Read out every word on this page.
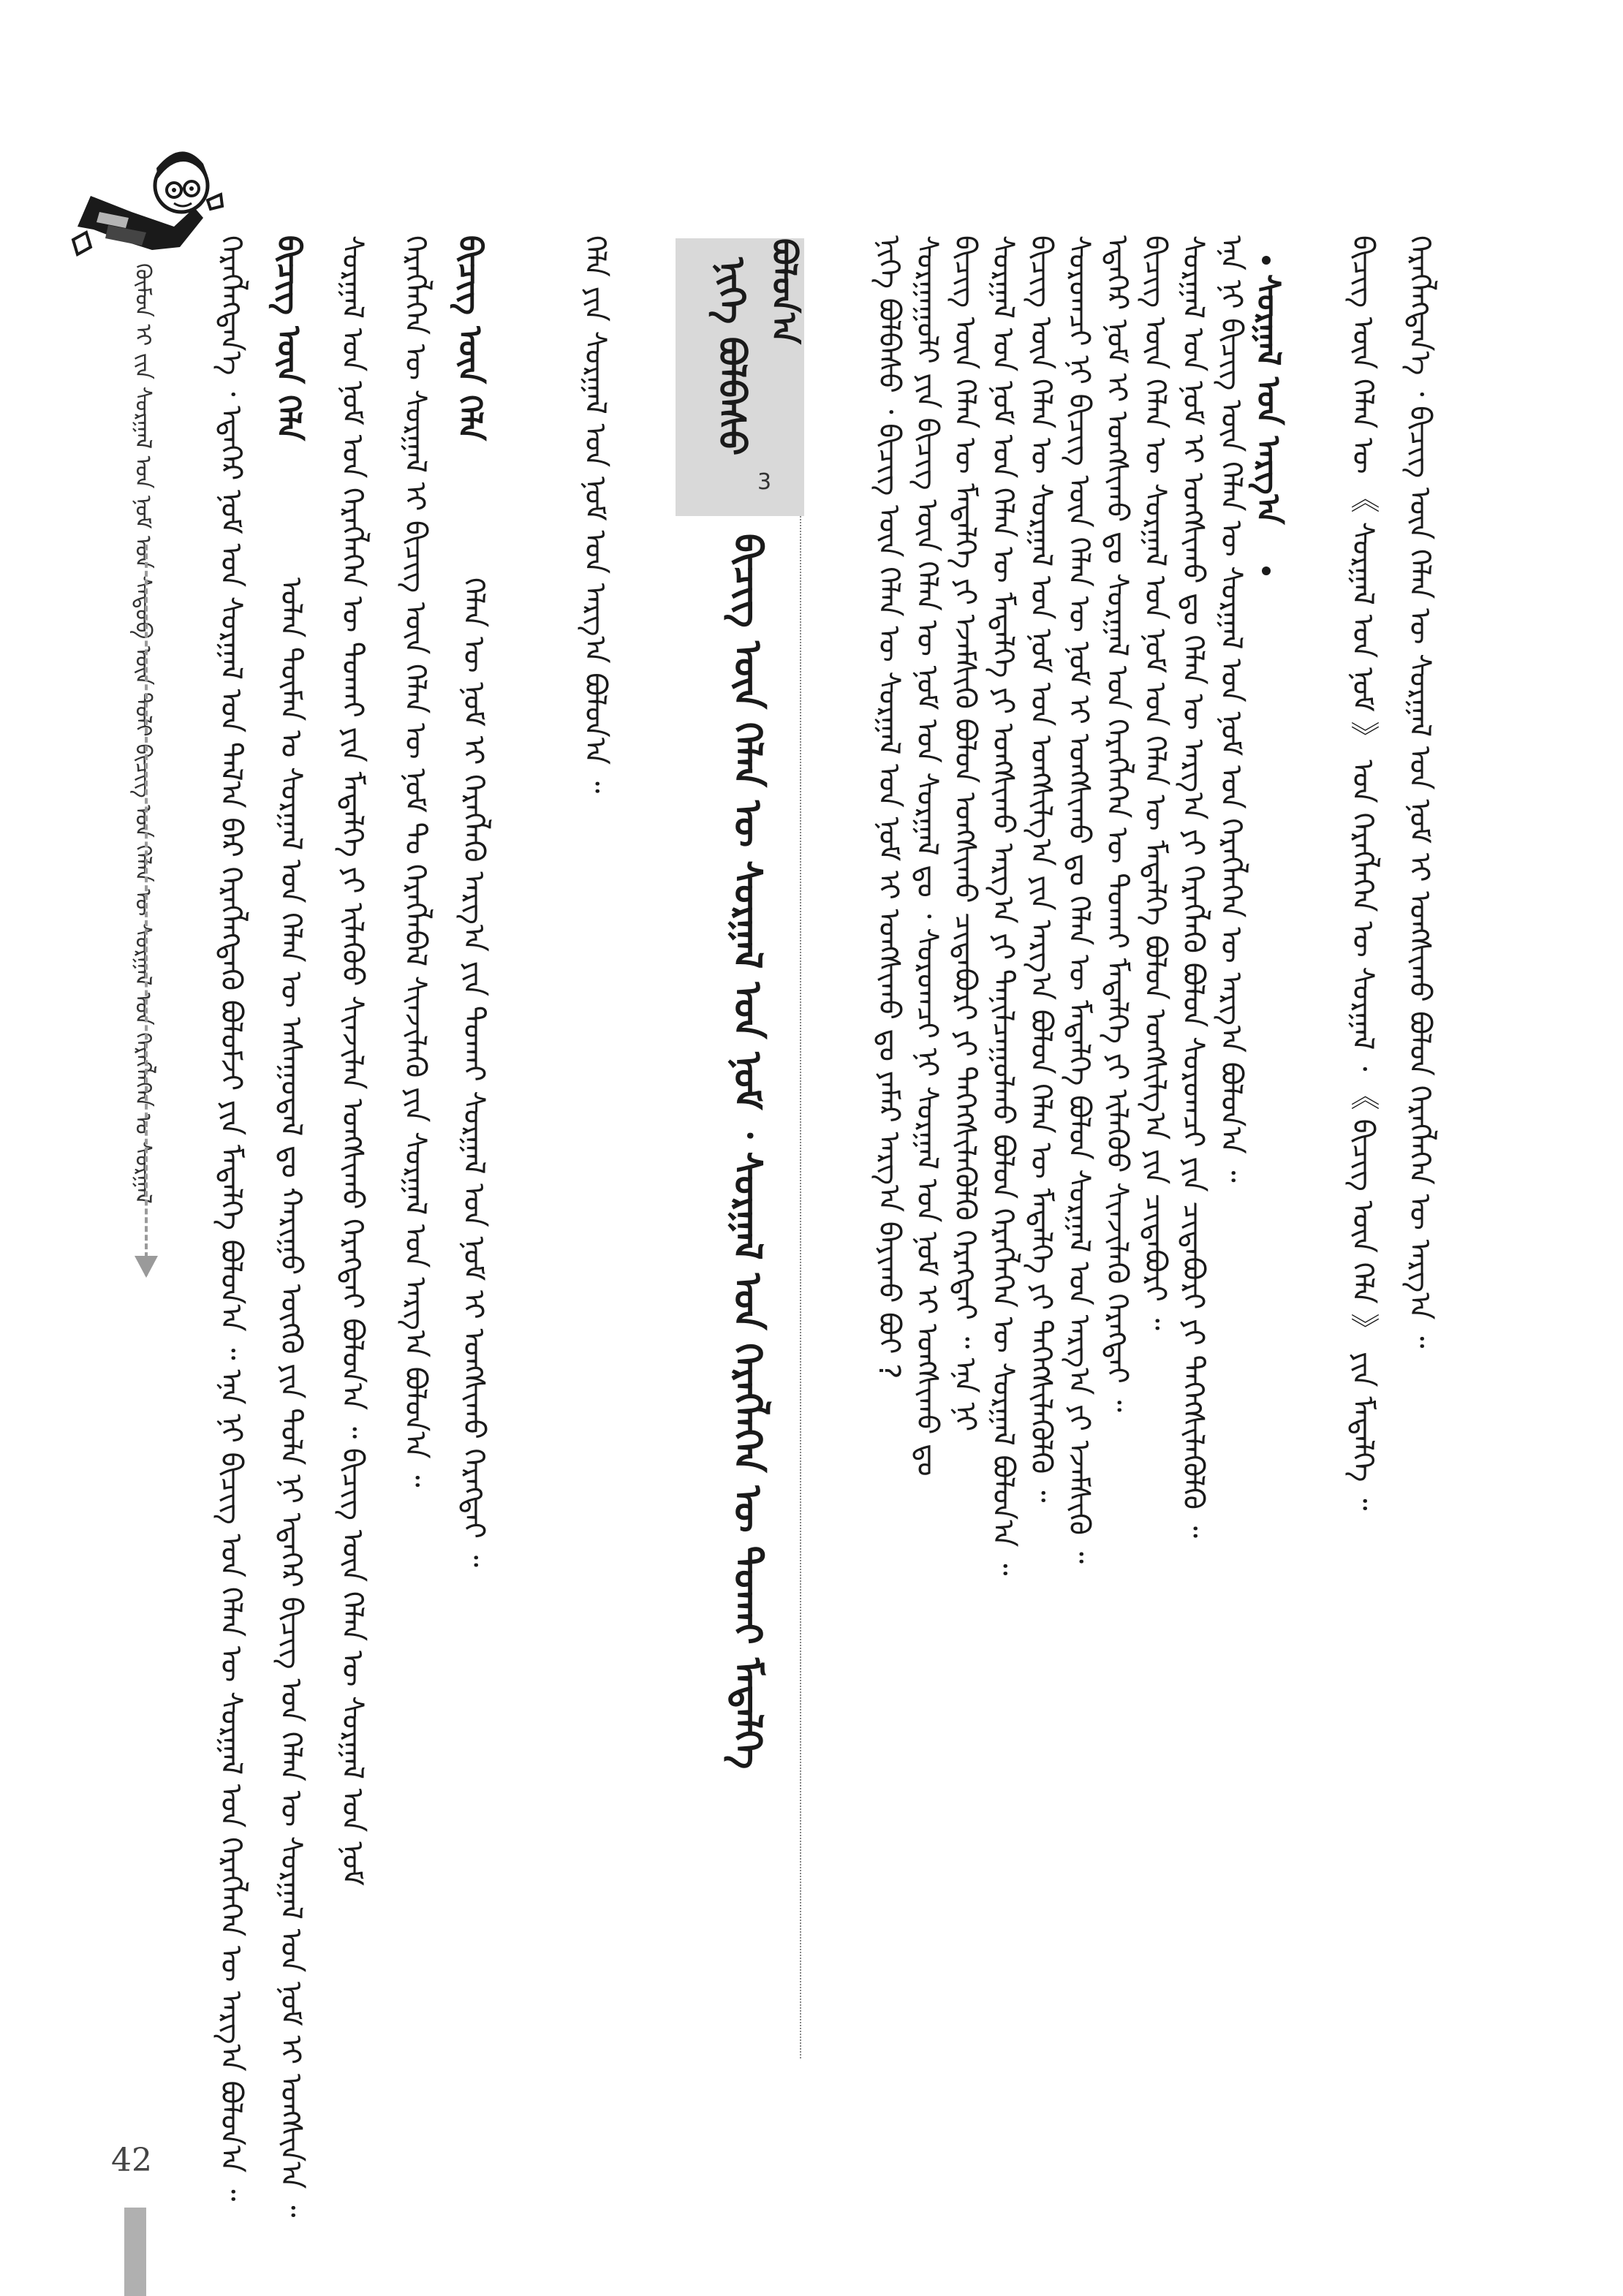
ᠬᠦᠮᠦᠨ ᠢ ᠵᠢᠨ ᠰᠤᠷᠭᠠᠯ ᠤᠨ ᠨᠣᠮ ᠤᠨ ᠰᠡᠳᠦᠪ ᠦᠨ ᠲᠣᠯᠢ ᠪᠢᠴᠢᠭ ᠤᠨ ᠬᠡᠯᠡᠨ ᠦ ᠰᠤᠷᠭᠠᠯ ᠤᠨ ᠬᠡᠷᠡᠭᠯᠡᠭᠡᠨ ᠤ ᠰᠤᠷᠭᠠᠯ ᠬᠡᠷᠡᠭᠯᠡᠭᠳᠡᠨ᠎ᠡ ᠂ ᠡᠳᠡᠭᠡᠷ ᠨᠣᠮ ᠤᠨ ᠰᠤᠷᠭᠠᠯ ᠤᠨ ᠲᠠᠯ᠎ᠠ ᠪᠠᠷ ᠬᠡᠷᠡᠭᠯᠡᠭᠳᠡᠬᠦ ᠪᠤᠯᠤᠮᠵᠢ ᠶᠢᠨ ᠮᠡᠳᠡᠯᠭᠡ ᠪᠤᠯᠤᠨ᠎ᠠ ᠃ ᠡᠨᠡ ᠨᠢ ᠪᠢᠴᠢᠭ ᠤᠨ ᠬᠡᠯᠡᠨ ᠦ ᠰᠤᠷᠭᠠᠯ ᠤᠨ ᠬᠡᠷᠡᠭᠯᠡᠭᠡᠨ ᠦ ᠠᠷᠭ᠎ᠠ ᠪᠤᠯᠤᠨ᠎ᠠ ᠃ ᠪᠢᠴᠢᠭ ᠦᠨ ᠬᠡᠯᠡ
ᠣᠯᠠᠨ ᠲᠦᠮᠡᠨ ᠤ ᠰᠤᠷᠭᠠᠯ ᠤᠨ ᠬᠡᠯᠡᠨ ᠦ ᠠᠰᠠᠭᠤᠳᠠᠯ ᠳᠤ ᠬᠠᠷᠢᠭᠤ ᠥᠭᠬᠦ ᠶᠢᠨ ᠲᠤᠯᠠ ᠨᠢ ᠡᠳᠡᠭᠡᠷ ᠪᠢᠴᠢᠭ ᠤᠨ ᠬᠡᠯᠡᠨ ᠦ ᠰᠤᠷᠭᠠᠯ ᠤᠨ ᠨᠣᠮ ᠢ ᠤᠩᠰᠢᠨ᠎ᠠ ᠃ ᠰᠤᠷᠭᠠᠯ ᠤᠨ ᠨᠣᠮ ᠤᠨ ᠬᠡᠷᠡᠭᠯᠡᠭᠡᠨ ᠦ ᠲᠤᠬᠠᠢ ᠶᠢᠨ ᠮᠡᠳᠡᠯᠭᠡ ᠶᠢ ᠢᠯᠡᠭᠦᠦ ᠰᠢᠨᠵᠢᠯᠡᠨ ᠤᠩᠰᠢᠬᠤ ᠬᠡᠷᠡᠭᠲᠡᠢ ᠪᠣᠯᠤᠨ᠎ᠠ ᠃ ᠪᠢᠴᠢᠭ ᠦᠨ ᠬᠡᠯᠡᠨ ᠦ ᠰᠤᠷᠭᠠᠯ ᠤᠨ ᠨᠣᠮ ᠬᠡᠷᠡᠭᠯᠡᠭᠡᠨ ᠦ ᠰᠤᠷᠭᠠᠯ ᠢ ᠪᠢᠴᠢᠭ ᠦᠨ ᠬᠡᠯᠡᠨ ᠦ ᠨᠣᠮ ᠲᠤ ᠬᠡᠷᠡᠭᠯᠡᠪᠡᠯ ᠰᠢᠨᠵᠢᠯᠡᠬᠦ ᠶᠢᠨ ᠰᠤᠷᠭᠠᠯ ᠤᠨ ᠠᠷᠭ᠎ᠠ ᠪᠣᠯᠤᠨ᠎ᠠ ᠃ ᠪᠢᠴᠢᠭ ᠦᠨ ᠬᠡᠯᠡ
ᠬᠡᠯᠡᠨ ᠦ ᠨᠣᠮ ᠢ ᠬᠡᠷᠡᠭᠯᠡᠬᠦ ᠠᠷᠭ᠎ᠠ ᠶᠢᠨ ᠲᠤᠬᠠᠢ ᠰᠤᠷᠭᠠᠯ ᠤᠨ ᠨᠣᠮ ᠢ ᠤᠩᠰᠢᠬᠤ ᠬᠡᠷᠡᠭᠲᠡᠢ ᠃
ᠬᠡᠯᠡ ᠶᠢᠨ ᠰᠤᠷᠭᠠᠯ ᠤᠨ ᠨᠣᠮ ᠤᠨ ᠠᠷᠭ᠎ᠠ ᠪᠣᠯᠤᠨ᠎ᠠ ᠃	ᠨᠢᠭᠡ ᠪᠣᠯᠪᠠᠰᠤ
3
ᠪᠢᠴᠢᠭ ᠦᠨ ᠬᠡᠯᠡᠨ ᠦ ᠰᠤᠷᠭᠠᠯ ᠤᠨ ᠨᠣᠮ ᠂ ᠰᠤᠷᠭᠠᠯ ᠤᠨ ᠬᠡᠷᠡᠭᠯᠡᠭᠡᠨ ᠦ ᠲᠤᠬᠠᠢ ᠮᠡᠳᠡᠯᠭᠡ
ᠪᠣᠯᠤᠨ᠎ᠠ ᠨᠢᠭᠡ ᠪᠣᠯᠪᠠᠰᠤ ᠂ ᠪᠢᠴᠢᠭ ᠦᠨ ᠬᠡᠯᠡᠨ ᠦ ᠰᠤᠷᠭᠠᠯ ᠤᠨ ᠨᠣᠮ ᠢ ᠤᠩᠰᠢᠬᠤ ᠳᠤ ᠶᠠᠮᠠᠷ ᠠᠷᠭ᠎ᠠ ᠪᠠᠶᠢᠬᠤ ᠪᠤᠢ ? ᠰᠤᠷᠭᠠᠭᠤᠯᠢ ᠶᠢᠨ ᠪᠢᠴᠢᠭ ᠦᠨ ᠬᠡᠯᠡᠨ ᠦ ᠨᠣᠮ ᠤᠨ ᠰᠤᠷᠭᠠᠯ ᠳᠤ ᠂ ᠰᠤᠷᠤᠭᠴᠢ ᠨᠢ ᠰᠤᠷᠭᠠᠯ ᠤᠨ ᠨᠣᠮ ᠢ ᠤᠩᠰᠢᠬᠤ ᠳᠤ ᠪᠢᠴᠢᠭ ᠦᠨ ᠬᠡᠯᠡᠨ ᠦ ᠮᠡᠳᠡᠯᠭᠡ ᠶᠢ ᠡᠵᠡᠮᠰᠢᠬᠦ ᠪᠣᠯᠤᠨ ᠤᠩᠰᠢᠬᠤ ᠴᠢᠳᠠᠪᠤᠷᠢ ᠶᠢ ᠳᠡᠭᠡᠭᠰᠢᠯᠡᠭᠦᠯᠬᠦ ᠬᠡᠷᠡᠭᠲᠡᠢ ᠃ ᠡᠨᠡ ᠨᠢ ᠰᠤᠷᠭᠠᠯ ᠤᠨ ᠨᠣᠮ ᠤᠨ ᠬᠡᠯᠡᠨ ᠦ ᠮᠡᠳᠡᠯᠭᠡ ᠶᠢ ᠤᠩᠰᠢᠬᠤ ᠠᠷᠭ᠎ᠠ ᠶᠢ ᠲᠠᠨᠢᠯᠴᠠᠭᠤᠯᠬᠤ ᠪᠣᠯᠤᠨ ᠬᠡᠷᠡᠭᠯᠡᠭᠡᠨ ᠦ ᠰᠤᠷᠭᠠᠯ ᠪᠣᠯᠤᠨ᠎ᠠ ᠃ ᠪᠢᠴᠢᠭ ᠦᠨ ᠬᠡᠯᠡᠨ ᠦ ᠰᠤᠷᠭᠠᠯ ᠤᠨ ᠨᠣᠮ ᠤᠨ ᠤᠩᠰᠢᠯᠭ᠎ᠠ ᠶᠢᠨ ᠠᠷᠭ᠎ᠠ ᠪᠣᠯᠤᠨ ᠬᠡᠯᠡᠨ ᠦ ᠮᠡᠳᠡᠯᠭᠡ ᠶᠢ ᠳᠡᠭᠡᠭᠰᠢᠯᠡᠭᠦᠯᠬᠦ ᠃ ᠰᠤᠷᠤᠭᠴᠢ ᠨᠢ ᠪᠢᠴᠢᠭ ᠦᠨ ᠬᠡᠯᠡᠨ ᠦ ᠨᠣᠮ ᠢ ᠤᠩᠰᠢᠬᠤ ᠳᠤ ᠬᠡᠯᠡᠨ ᠦ ᠮᠡᠳᠡᠯᠭᠡ ᠪᠣᠯᠤᠨ ᠰᠤᠷᠭᠠᠯ ᠤᠨ ᠠᠷᠭ᠎ᠠ ᠶᠢ ᠡᠵᠡᠮᠰᠢᠬᠦ ᠃ ᠡᠳᠡᠭᠡᠷ ᠨᠣᠮ ᠢ ᠤᠩᠰᠢᠬᠤ ᠳᠤ ᠰᠤᠷᠭᠠᠯ ᠤᠨ ᠬᠡᠷᠡᠭᠯᠡᠭᠡᠨ ᠦ ᠲᠤᠬᠠᠢ ᠮᠡᠳᠡᠯᠭᠡ ᠶᠢ ᠢᠯᠡᠭᠦᠦ ᠰᠢᠨᠵᠢᠯᠡᠬᠦ ᠬᠡᠷᠡᠭᠲᠡᠢ ᠃ ᠪᠢᠴᠢᠭ ᠦᠨ ᠬᠡᠯᠡᠨ ᠦ ᠰᠤᠷᠭᠠᠯ ᠤᠨ ᠨᠣᠮ ᠤᠨ ᠬᠡᠯᠡᠨ ᠦ ᠮᠡᠳᠡᠯᠭᠡ ᠪᠣᠯᠤᠨ ᠤᠩᠰᠢᠯᠭ᠎ᠠ ᠶᠢᠨ ᠴᠢᠳᠠᠪᠤᠷᠢ ᠃ ᠰᠤᠷᠭᠠᠯ ᠤᠨ ᠨᠣᠮ ᠢ ᠤᠩᠰᠢᠬᠤ ᠳᠤ ᠬᠡᠯᠡᠨ ᠦ ᠠᠷᠭ᠎ᠠ ᠶᠢ ᠬᠡᠷᠡᠭᠯᠡᠬᠦ ᠪᠣᠯᠤᠨ ᠰᠤᠷᠤᠭᠴᠢ ᠶᠢᠨ ᠴᠢᠳᠠᠪᠤᠷᠢ ᠶᠢ ᠳᠡᠭᠡᠭᠰᠢᠯᠡᠭᠦᠯᠬᠦ ᠃ ᠡᠨᠡ ᠨᠢ ᠪᠢᠴᠢᠭ ᠦᠨ ᠬᠡᠯᠡᠨ ᠦ ᠰᠤᠷᠭᠠᠯ ᠤᠨ ᠨᠣᠮ ᠤᠨ ᠬᠡᠷᠡᠭᠯᠡᠭᠡᠨ ᠦ ᠠᠷᠭ᠎ᠠ ᠪᠣᠯᠤᠨ᠎ᠠ ᠃ ᠰᠤᠷᠭᠠᠯ ᠤᠨ ᠠᠷᠭ᠎ᠠ ᠪᠢᠴᠢᠭ ᠦᠨ ᠬᠡᠯᠡᠨ ᠦ 《 ᠰᠤᠷᠭᠠᠯ ᠤᠨ ᠨᠣᠮ 》 ᠤᠨ ᠬᠡᠷᠡᠭᠯᠡᠭᠡᠨ ᠦ ᠰᠤᠷᠭᠠᠯ ᠂ 《 ᠪᠢᠴᠢᠭ ᠦᠨ ᠬᠡᠯᠡ 》 ᠶᠢᠨ ᠮᠡᠳᠡᠯᠭᠡ ᠃ ᠬᠡᠷᠡᠭᠯᠡᠭᠳᠡᠨ᠎ᠡ ᠂ ᠪᠢᠴᠢᠭ ᠦᠨ ᠬᠡᠯᠡᠨ ᠦ ᠰᠤᠷᠭᠠᠯ ᠤᠨ ᠨᠣᠮ ᠢ ᠤᠩᠰᠢᠬᠤ ᠪᠣᠯᠤᠨ ᠬᠡᠷᠡᠭᠯᠡᠭᠡᠨ ᠦ ᠠᠷᠭ᠎ᠠ ᠃
42
